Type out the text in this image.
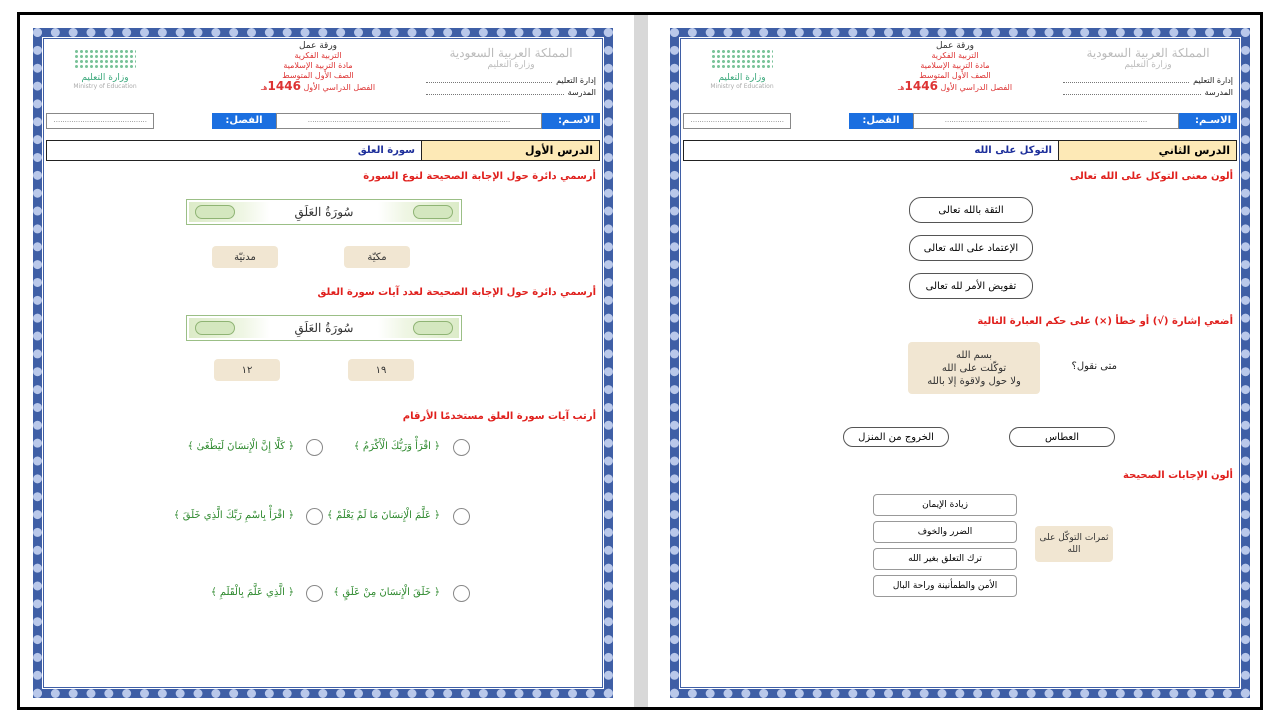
المملكة العربية السعودية
وزارة التعليم
إدارة التعليم
المدرسة
ورقة عمل
التربية الفكرية
مادة التربية الإسلامية
الصف الأول المتوسط
الفصل الدراسي الأول 1446هـ
وزارة التعليم
Ministry of Education
الاسـم:
.....
الفصل:
.....
الدرس الأول
سورة العلق
أرسمي دائرة حول الإجابة الصحيحة لنوع السورة
سُورَةُ العَلَقِ
مكيّة
مدنيّة
أرسمي دائرة حول الإجابة الصحيحة لعدد آيات سورة العلق
سُورَةُ العَلَقِ
١٩
١٢
أرتب آيات سورة العلق مستخدمًا الأرقام
﴿ اقْرَأْ وَرَبُّكَ الْأَكْرَمُ ﴾
﴿ كَلَّا إِنَّ الْإِنسَانَ لَيَطْغَىٰ ﴾
﴿ عَلَّمَ الْإِنسَانَ مَا لَمْ يَعْلَمْ ﴾
﴿ اقْرَأْ بِاسْمِ رَبِّكَ الَّذِي خَلَقَ ﴾
﴿ خَلَقَ الْإِنسَانَ مِنْ عَلَقٍ ﴾
﴿ الَّذِي عَلَّمَ بِالْقَلَمِ ﴾
المملكة العربية السعودية
وزارة التعليم
إدارة التعليم
المدرسة
ورقة عمل
التربية الفكرية
مادة التربية الإسلامية
الصف الأول المتوسط
الفصل الدراسي الأول 1446هـ
وزارة التعليم
Ministry of Education
الاسـم:
.....
الفصل:
.....
الدرس الثاني
التوكل على الله
ألون معنى التوكل على الله تعالى
الثقة بالله تعالى
الإعتماد على الله تعالى
تفويض الأمر لله تعالى
أضعي إشارة (√) أو خطأ (×) على حكم العبارة التالية
بسم الله
توكّلت على الله
ولا حول ولاقوة إلا بالله
متى نقول؟
العطاس
الخروج من المنزل
ألون الإجابات الصحيحة
ثمرات التوكّل على الله
زيادة الإيمان
الضرر والخوف
ترك التعلق بغير الله
الأمن والطمأنينة وراحة البال
